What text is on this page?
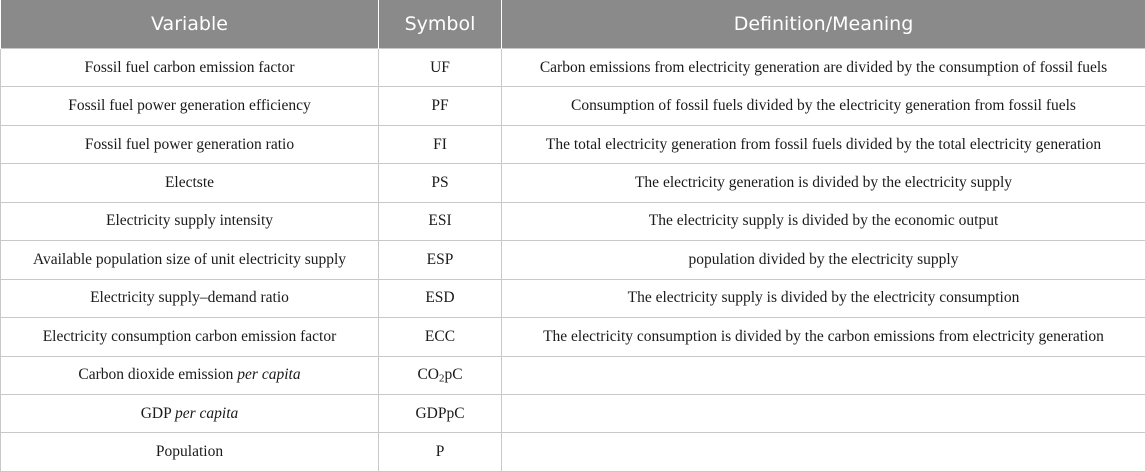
Variable	Symbol	Definition/Meaning
Fossil fuel carbon emission factor	UF	Carbon emissions from electricity generation are divided by the consumption of fossil fuels
Fossil fuel power generation efficiency	PF	Consumption of fossil fuels divided by the electricity generation from fossil fuels
Fossil fuel power generation ratio	FI	The total electricity generation from fossil fuels divided by the total electricity generation
Electste	PS	The electricity generation is divided by the electricity supply
Electricity supply intensity	ESI	The electricity supply is divided by the economic output
Available population size of unit electricity supply	ESP	population divided by the electricity supply
Electricity supply–demand ratio	ESD	The electricity supply is divided by the electricity consumption
Electricity consumption carbon emission factor	ECC	The electricity consumption is divided by the carbon emissions from electricity generation
Carbon dioxide emission per capita	$CO_2pC$	
GDP per capita	GDPpC	
Population	P	
